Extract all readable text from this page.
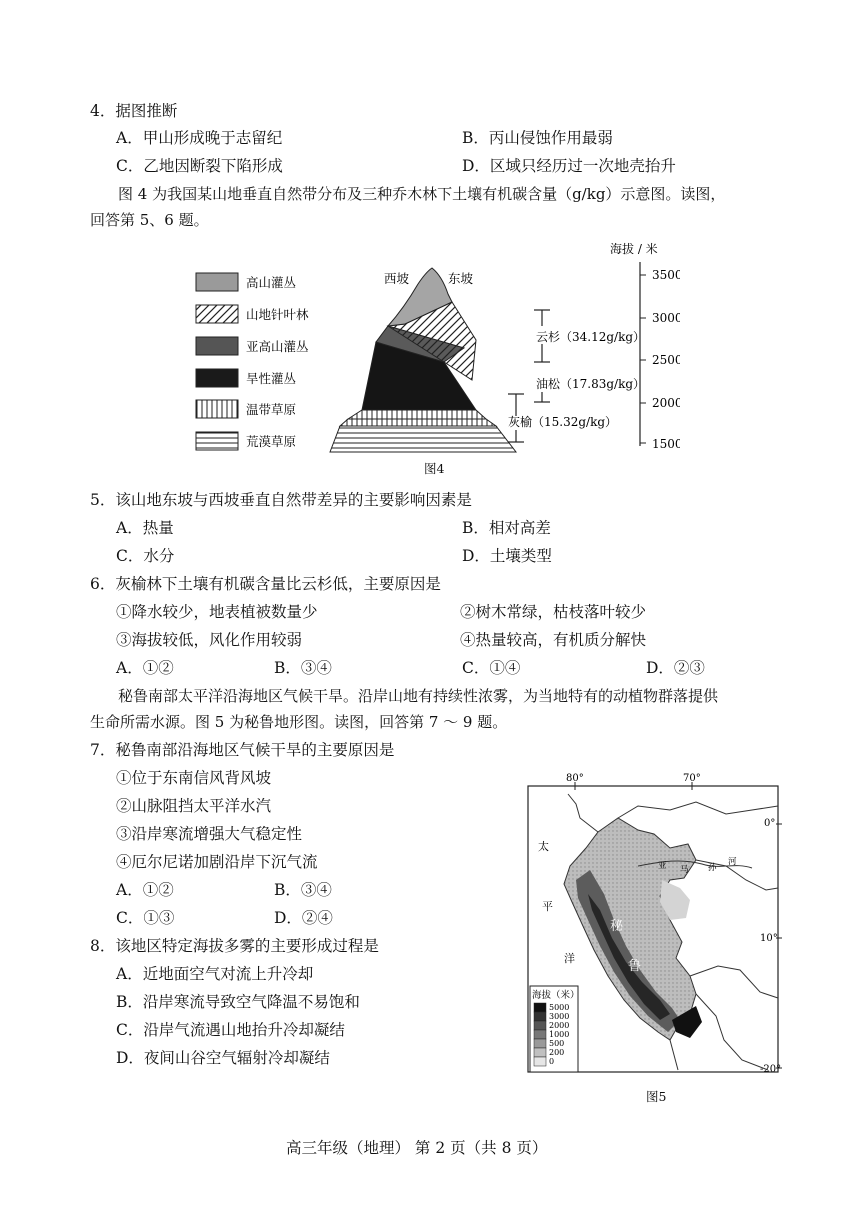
4．据图推断
A．甲山形成晚于志留纪	B．丙山侵蚀作用最弱
C．乙地因断裂下陷形成	D．区域只经历过一次地壳抬升
图 4 为我国某山地垂直自然带分布及三种乔木林下土壤有机碳含量（g/kg）示意图。读图，
回答第 5、6 题。
高山灌丛
山地针叶林
亚高山灌丛
旱性灌丛
温带草原
荒漠草原
西坡	东坡
海拔 / 米
3500
3000
2500
2000
1500
云杉（34.12g/kg）
油松（17.83g/kg）
灰榆（15.32g/kg）
图4
5．该山地东坡与西坡垂直自然带差异的主要影响因素是
A．热量	B．相对高差
C．水分	D．土壤类型
6．灰榆林下土壤有机碳含量比云杉低，主要原因是
①降水较少，地表植被数量少	②树木常绿，枯枝落叶较少
③海拔较低，风化作用较弱	④热量较高，有机质分解快
A．①②	B．③④	C．①④	D．②③
秘鲁南部太平洋沿海地区气候干旱。沿岸山地有持续性浓雾，为当地特有的动植物群落提供
生命所需水源。图 5 为秘鲁地形图。读图，回答第 7 ～ 9 题。
7．秘鲁南部沿海地区气候干旱的主要原因是
①位于东南信风背风坡
②山脉阻挡太平洋水汽
③沿岸寒流增强大气稳定性
④厄尔尼诺加剧沿岸下沉气流
A．①②	B．③④
C．①③	D．②④
8．该地区特定海拔多雾的主要形成过程是
A．近地面空气对流上升冷却
B．沿岸寒流导致空气降温不易饱和
C．沿岸气流遇山地抬升冷却凝结
D．夜间山谷空气辐射冷却凝结
80°	70°
0°
10°
-20°
太
平
洋
秘
鲁
亚 马 孙
河
海拔（米）
5000
3000
2000
1000
500
200
0
图5
高三年级（地理） 第 2 页（共 8 页）
